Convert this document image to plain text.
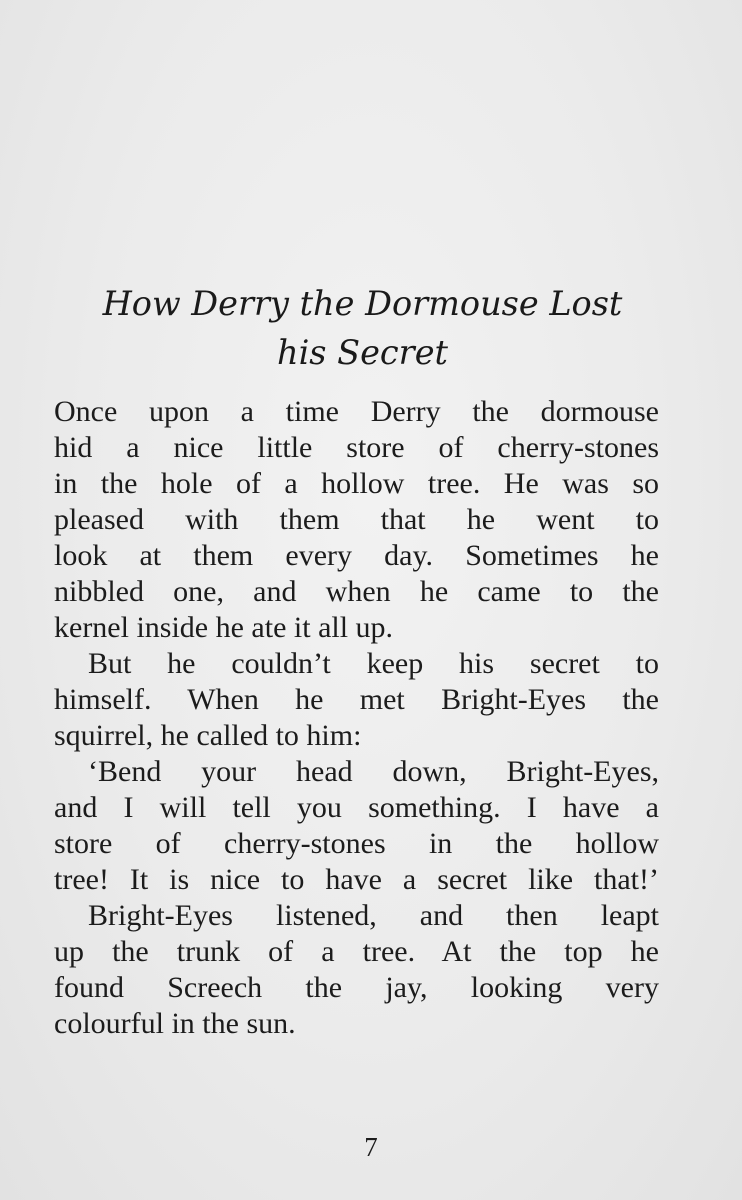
How Derry the Dormouse Lost
his Secret
Once upon a time Derry the dormouse
hid a nice little store of cherry-stones
in the hole of a hollow tree. He was so
pleased with them that he went to
look at them every day. Sometimes he
nibbled one, and when he came to the
kernel inside he ate it all up.
But he couldn’t keep his secret to
himself. When he met Bright-Eyes the
squirrel, he called to him:
‘Bend your head down, Bright-Eyes,
and I will tell you something. I have a
store of cherry-stones in the hollow
tree! It is nice to have a secret like that!’
Bright-Eyes listened, and then leapt
up the trunk of a tree. At the top he
found Screech the jay, looking very
colourful in the sun.
7
